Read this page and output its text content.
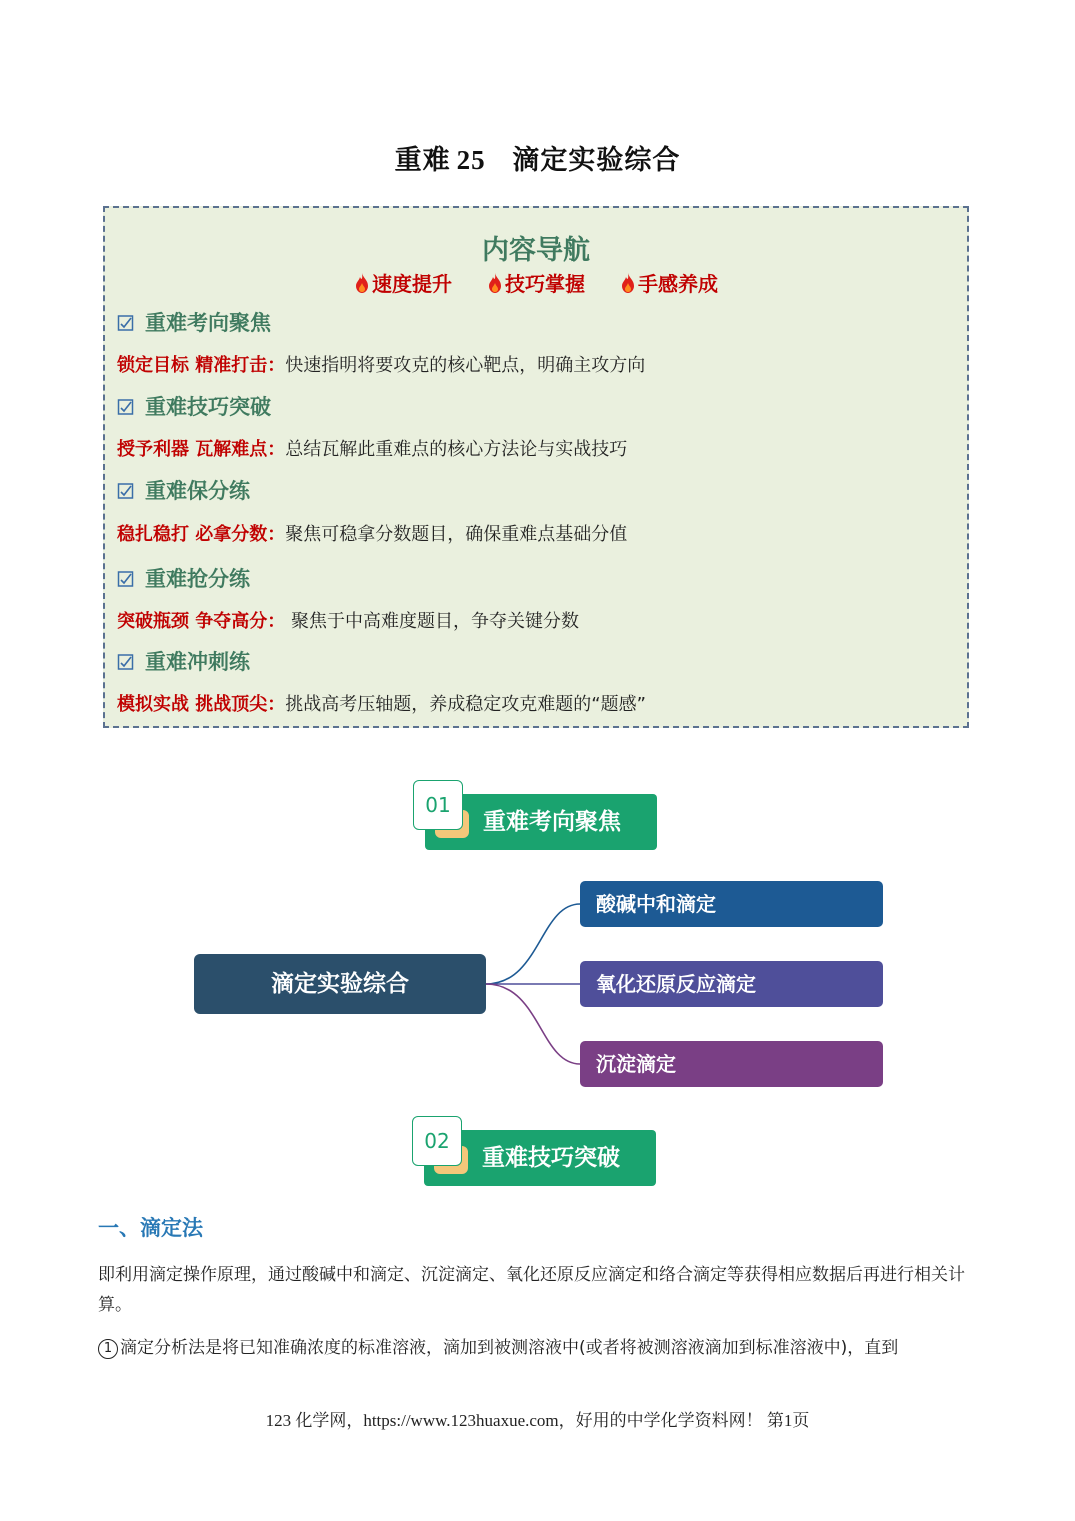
重难 25 滴定实验综合
内容导航
速度提升	技巧掌握	手感养成
重难考向聚焦
锁定目标 精准打击：快速指明将要攻克的核心靶点，明确主攻方向
重难技巧突破
授予利器 瓦解难点：总结瓦解此重难点的核心方法论与实战技巧
重难保分练
稳扎稳打 必拿分数：聚焦可稳拿分数题目，确保重难点基础分值
重难抢分练
突破瓶颈 争夺高分： 聚焦于中高难度题目，争夺关键分数
重难冲刺练
模拟实战 挑战顶尖：挑战高考压轴题，养成稳定攻克难题的“题感”
01
重难考向聚焦
滴定实验综合
酸碱中和滴定
氧化还原反应滴定
沉淀滴定
02
重难技巧突破
一、滴定法
即利用滴定操作原理，通过酸碱中和滴定、沉淀滴定、氧化还原反应滴定和络合滴定等获得相应数据后再进行相关计算。
1 滴定分析法是将已知准确浓度的标准溶液，滴加到被测溶液中(或者将被测溶液滴加到标准溶液中)，直到
123 化学网，https://www.123huaxue.com，好用的中学化学资料网！ 第1页
